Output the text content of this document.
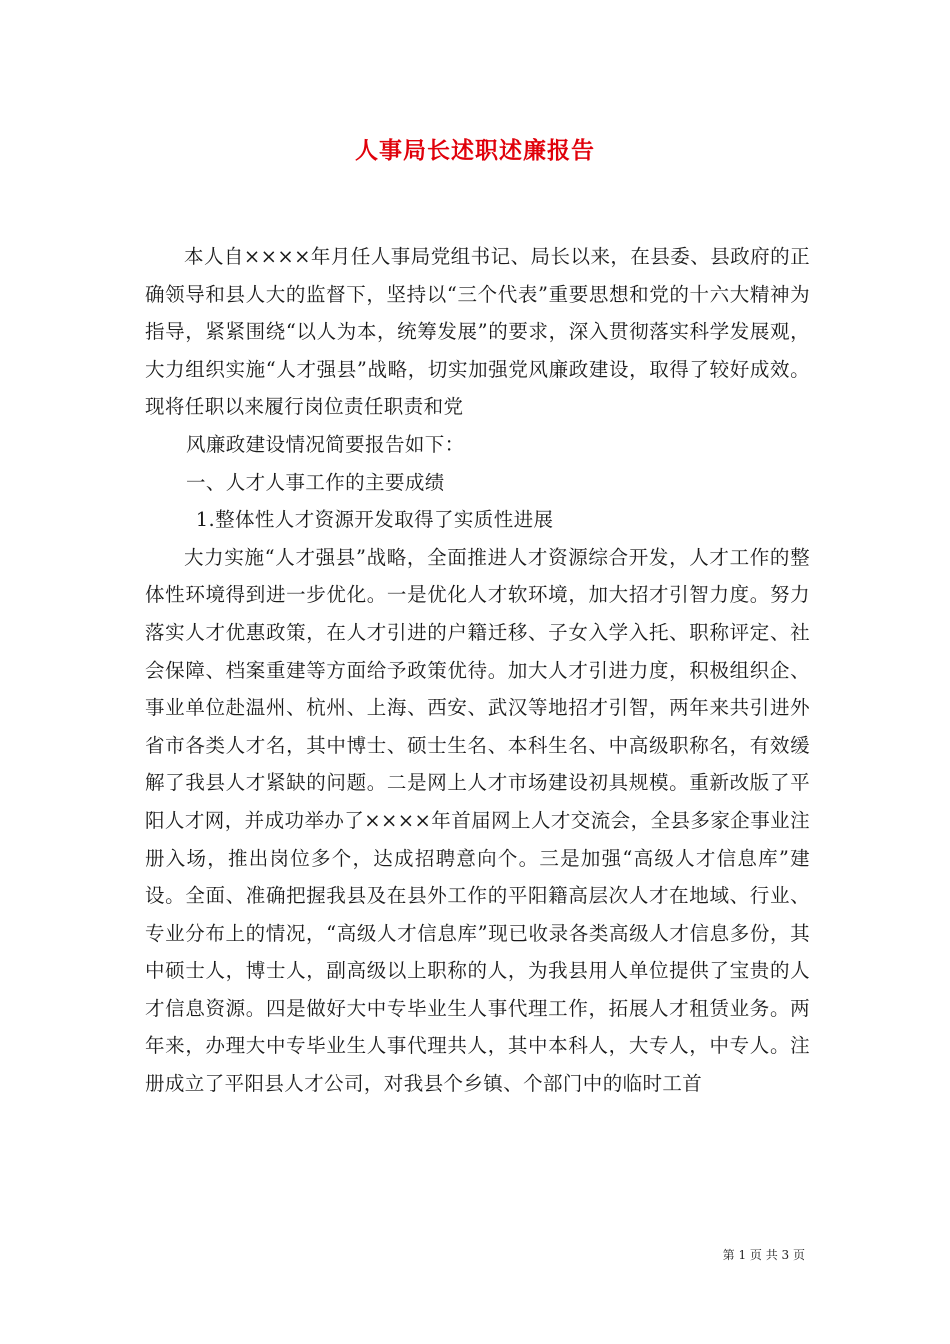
人事局长述职述廉报告

本人自××××年月任人事局党组书记、局长以来，在县委、县政府的正确领导和县人大的监督下，坚持以“三个代表”重要思想和党的十六大精神为指导，紧紧围绕“以人为本，统筹发展”的要求，深入贯彻落实科学发展观，大力组织实施“人才强县”战略，切实加强党风廉政建设，取得了较好成效。现将任职以来履行岗位责任职责和党

风廉政建设情况简要报告如下：

一、人才人事工作的主要成绩

1.整体性人才资源开发取得了实质性进展

大力实施“人才强县”战略，全面推进人才资源综合开发，人才工作的整体性环境得到进一步优化。一是优化人才软环境，加大招才引智力度。努力落实人才优惠政策，在人才引进的户籍迁移、子女入学入托、职称评定、社会保障、档案重建等方面给予政策优待。加大人才引进力度，积极组织企、事业单位赴温州、杭州、上海、西安、武汉等地招才引智，两年来共引进外省市各类人才名，其中博士、硕士生名、本科生名、中高级职称名，有效缓解了我县人才紧缺的问题。二是网上人才市场建设初具规模。重新改版了平阳人才网，并成功举办了××××年首届网上人才交流会，全县多家企事业注册入场，推出岗位多个，达成招聘意向个。三是加强“高级人才信息库”建设。全面、准确把握我县及在县外工作的平阳籍高层次人才在地域、行业、专业分布上的情况，“高级人才信息库”现已收录各类高级人才信息多份，其中硕士人，博士人，副高级以上职称的人，为我县用人单位提供了宝贵的人才信息资源。四是做好大中专毕业生人事代理工作，拓展人才租赁业务。两年来，办理大中专毕业生人事代理共人，其中本科人，大专人，中专人。注册成立了平阳县人才公司，对我县个乡镇、个部门中的临时工首

第 1 页 共 3 页
